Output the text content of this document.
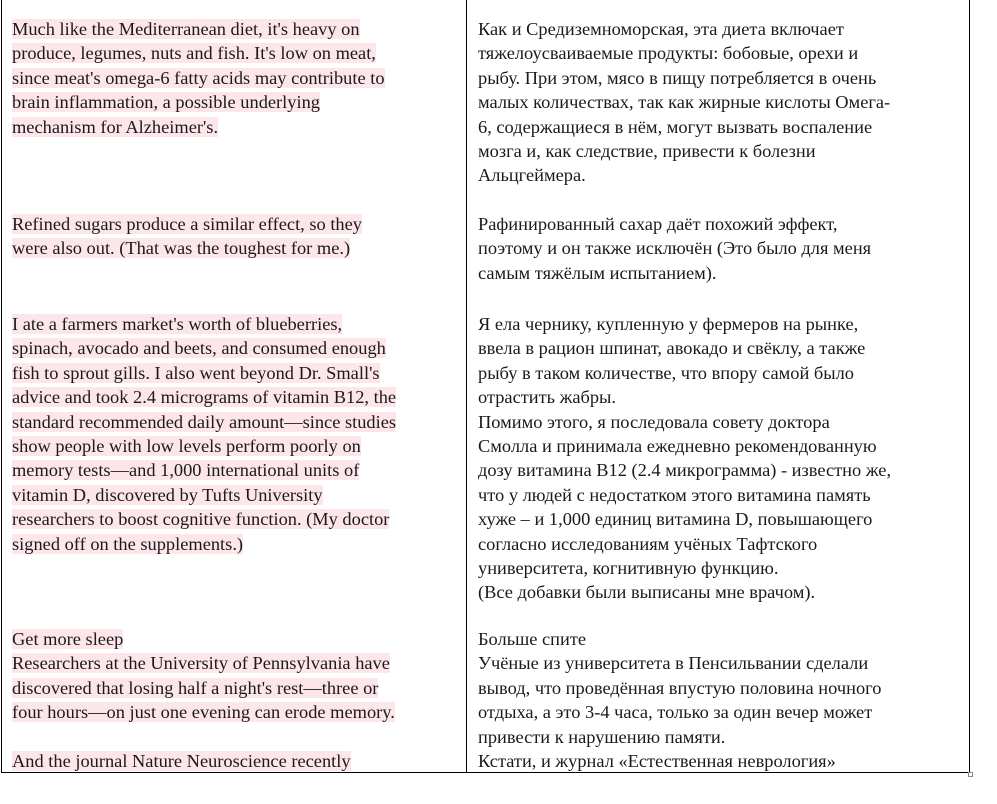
Much like the Mediterranean diet, it's heavy on
produce, legumes, nuts and fish. It's low on meat,
since meat's omega-6 fatty acids may contribute to
brain inflammation, a possible underlying
mechanism for Alzheimer's.
Refined sugars produce a similar effect, so they
were also out. (That was the toughest for me.)
I ate a farmers market's worth of blueberries,
spinach, avocado and beets, and consumed enough
fish to sprout gills. I also went beyond Dr. Small's
advice and took 2.4 micrograms of vitamin B12, the
standard recommended daily amount—since studies
show people with low levels perform poorly on
memory tests—and 1,000 international units of
vitamin D, discovered by Tufts University
researchers to boost cognitive function. (My doctor
signed off on the supplements.)
Get more sleep
Researchers at the University of Pennsylvania have
discovered that losing half a night's rest—three or
four hours—on just one evening can erode memory.
And the journal Nature Neuroscience recently
Как и Средиземноморская, эта диета включает
тяжелоусваиваемые продукты: бобовые, орехи и
рыбу. При этом, мясо в пищу потребляется в очень
малых количествах, так как жирные кислоты Омега-
6, содержащиеся в нём, могут вызвать воспаление
мозга и, как следствие, привести к болезни
Альцгеймера.
Рафинированный сахар даёт похожий эффект,
поэтому и он также исключён (Это было для меня
самым тяжёлым испытанием).
Я ела чернику, купленную у фермеров на рынке,
ввела в рацион шпинат, авокадо и свёклу, а также
рыбу в таком количестве, что впору самой было
отрастить жабры.
Помимо этого, я последовала совету доктора
Смолла и принимала ежедневно рекомендованную
дозу витамина B12 (2.4 микрограмма) - известно же,
что у людей с недостатком этого витамина память
хуже – и 1,000 единиц витамина D, повышающего
согласно исследованиям учёных Тафтского
университета, когнитивную функцию.
(Все добавки были выписаны мне врачом).
Больше спите
Учёные из университета в Пенсильвании сделали
вывод, что проведённая впустую половина ночного
отдыха, а это 3-4 часа, только за один вечер может
привести к нарушению памяти.
Кстати, и журнал «Естественная неврология»
